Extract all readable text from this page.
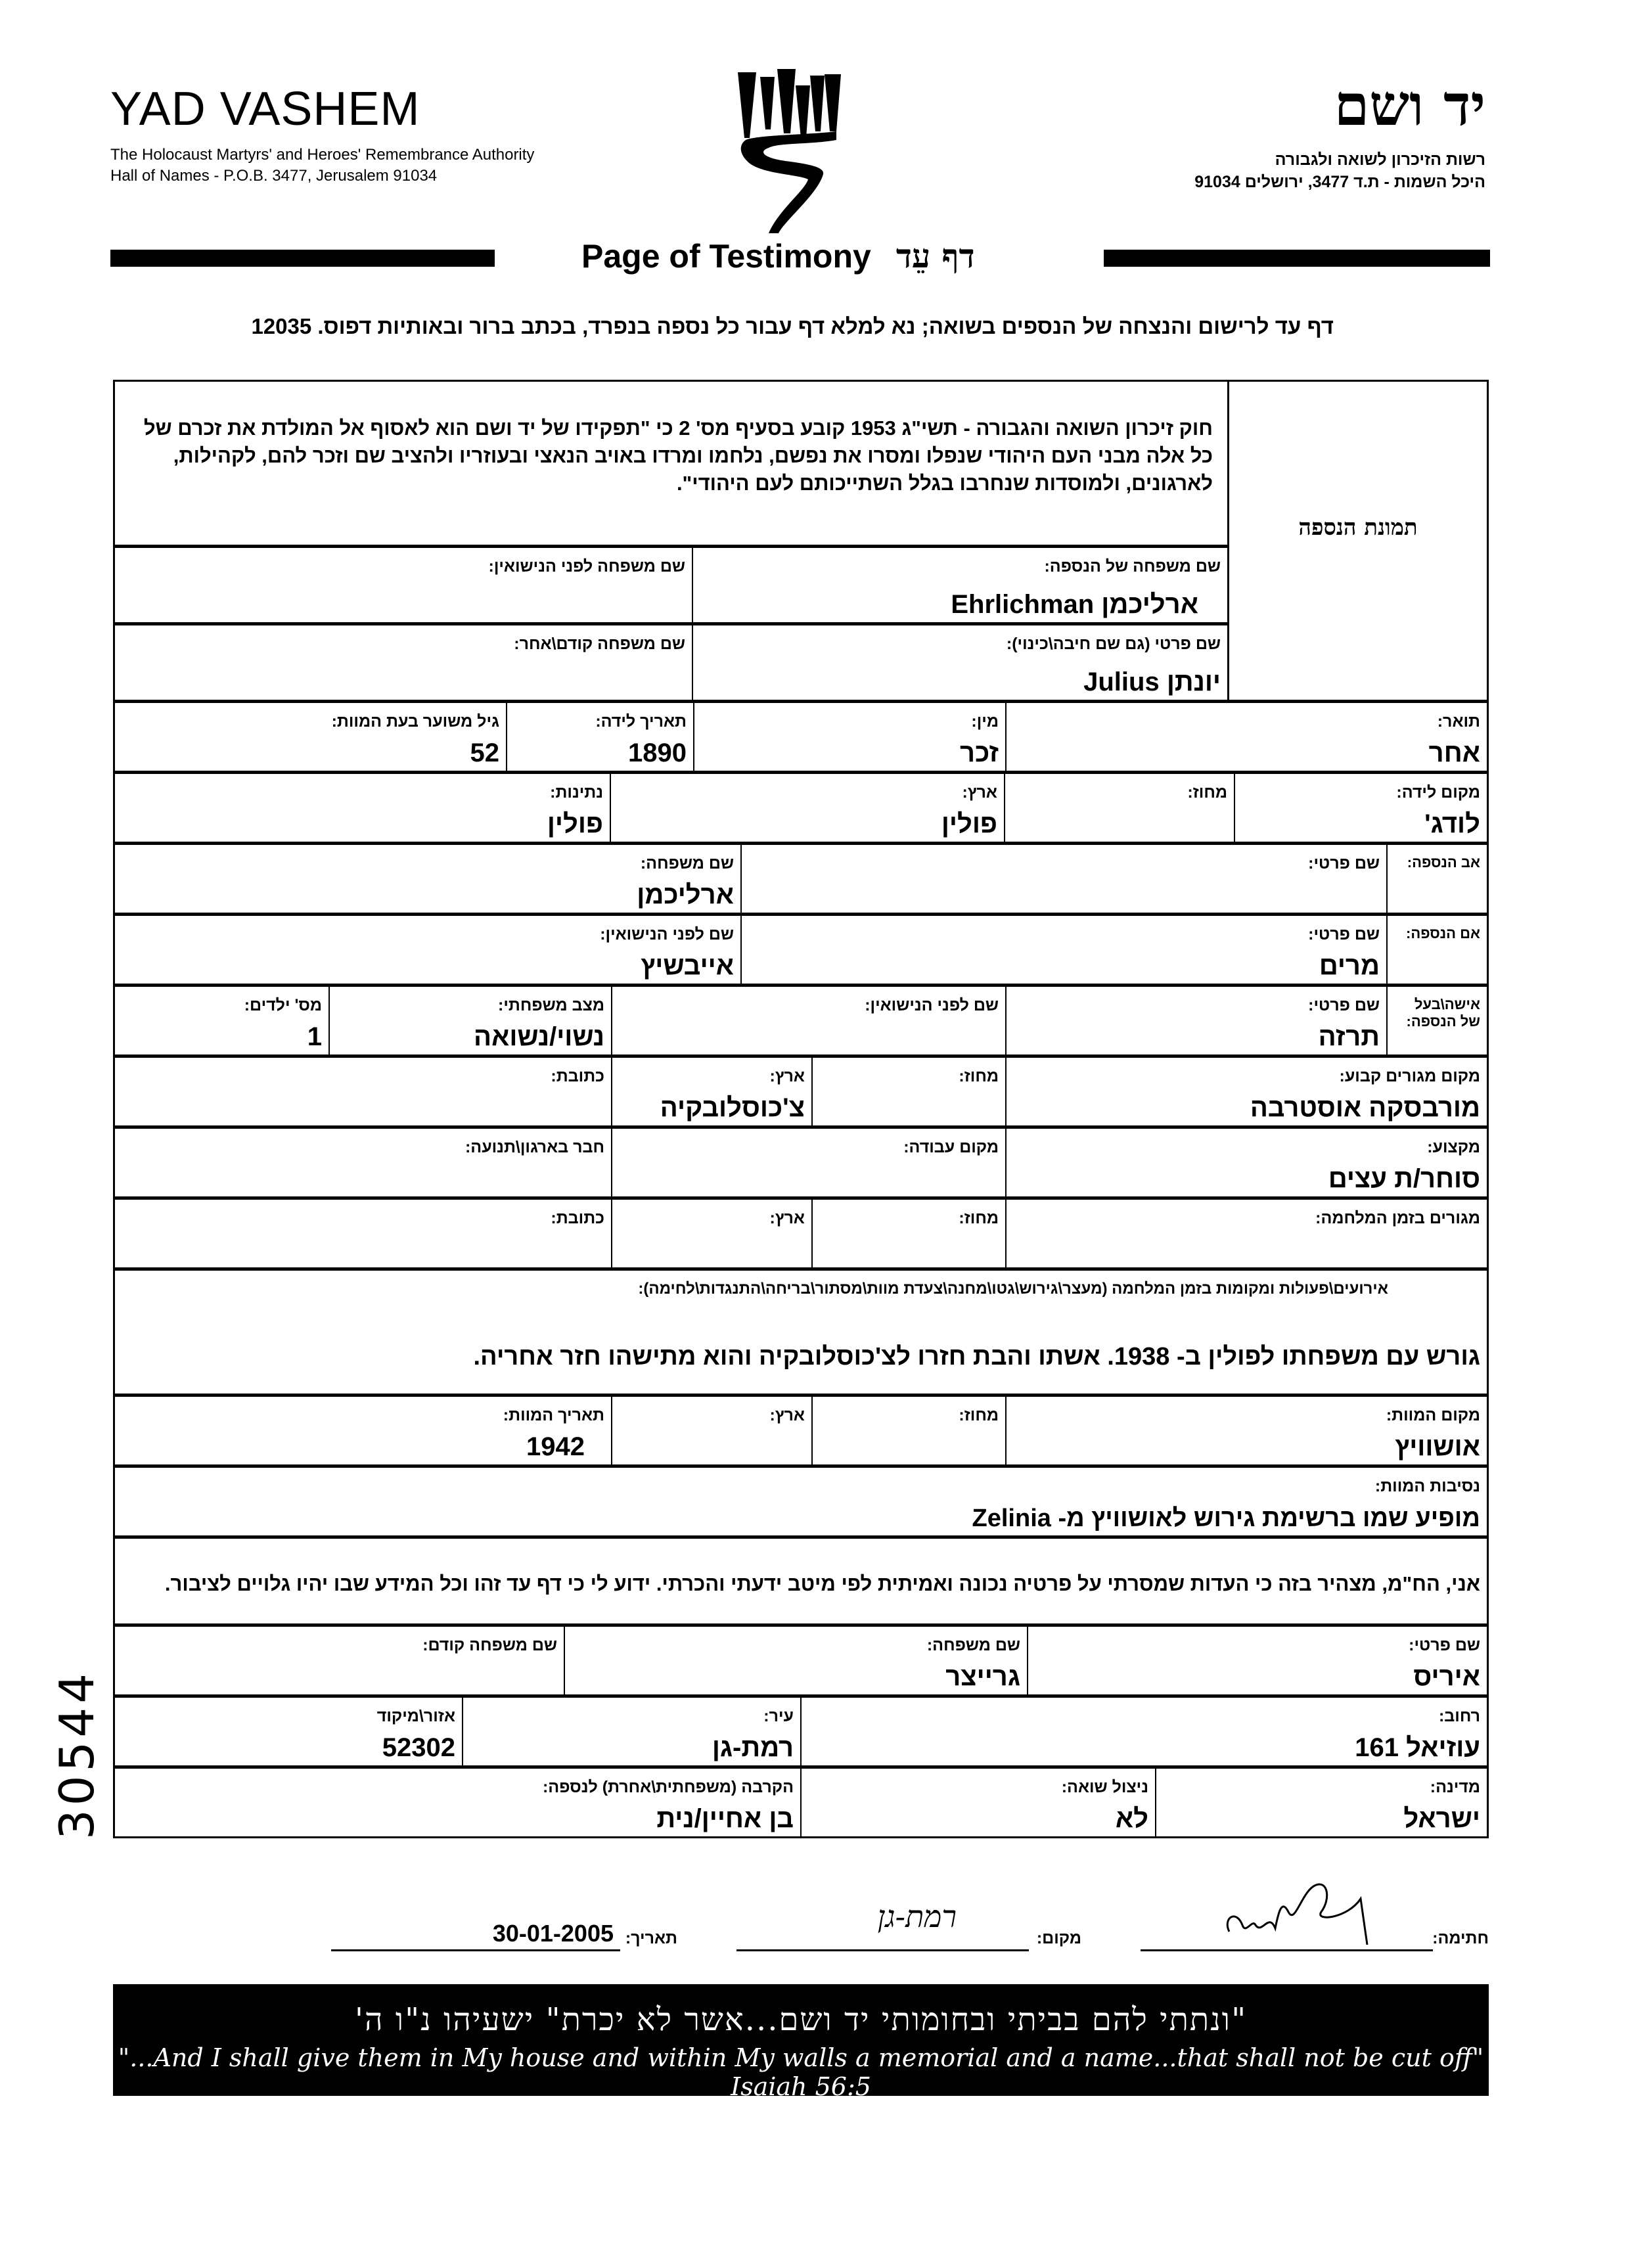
YAD VASHEM
The Holocaust Martyrs' and Heroes' Remembrance Authority
Hall of Names - P.O.B. 3477, Jerusalem 91034
יד ושם
רשות הזיכרון לשואה ולגבורה
היכל השמות - ת.ד 3477, ירושלים 91034
Page of Testimony דף עֵד
דף עד לרישום והנצחה של הנספים בשואה; נא למלא דף עבור כל נספה בנפרד, בכתב ברור ובאותיות דפוס. 12035
תמונת הנספה
חוק זיכרון השואה והגבורה - תשי"ג 1953 קובע בסעיף מס' 2 כי "תפקידו של יד ושם הוא לאסוף אל המולדת את זכרם של כל אלה מבני העם היהודי שנפלו ומסרו את נפשם, נלחמו ומרדו באויב הנאצי ובעוזריו ולהציב שם וזכר להם, לקהילות, לארגונים, ולמוסדות שנחרבו בגלל השתייכותם לעם היהודי".
שם משפחה של הנספה:
ארליכמן Ehrlichman
שם משפחה לפני הנישואין:
שם פרטי (גם שם חיבה\כינוי):
יונתן Julius
שם משפחה קודם\אחר:
תואר:
אחר
מין:
זכר
תאריך לידה:
1890
גיל משוער בעת המוות:
52
מקום לידה:
לודג'
מחוז:
ארץ:
פולין
נתינות:
פולין
אב הנספה:
שם פרטי:
שם משפחה:
ארליכמן
אם הנספה:
שם פרטי:
מרים
שם לפני הנישואין:
אייבשיץ
אישה\בעל של הנספה:
שם פרטי:
תרזה
שם לפני הנישואין:
מצב משפחתי:
נשוי/נשואה
מס' ילדים:
1
מקום מגורים קבוע:
מורבסקה אוסטרבה
מחוז:
ארץ:
צ'כוסלובקיה
כתובת:
מקצוע:
סוחר/ת עצים
מקום עבודה:
חבר בארגון\תנועה:
מגורים בזמן המלחמה:
מחוז:
ארץ:
כתובת:
אירועים\פעולות ומקומות בזמן המלחמה (מעצר\גירוש\גטו\מחנה\צעדת מוות\מסתור\בריחה\התנגדות\לחימה):
גורש עם משפחתו לפולין ב- 1938. אשתו והבת חזרו לצ'כוסלובקיה והוא מתישהו חזר אחריה.
מקום המוות:
אושוויץ
מחוז:
ארץ:
תאריך המוות:
1942
נסיבות המוות:
מופיע שמו ברשימת גירוש לאושוויץ מ- Zelinia
אני, הח"מ, מצהיר בזה כי העדות שמסרתי על פרטיה נכונה ואמיתית לפי מיטב ידעתי והכרתי. ידוע לי כי דף עד זהו וכל המידע שבו יהיו גלויים לציבור.
שם פרטי:
איריס
שם משפחה:
גרייצר
שם משפחה קודם:
רחוב:
עוזיאל 161
עיר:
רמת-גן
אזור\מיקוד
52302
מדינה:
ישראל
ניצול שואה:
לא
הקרבה (משפחתית\אחרת) לנספה:
בן אחיין/נית
חתימה:
מקום:
רמת-גן
תאריך:
30-01-2005
"ונתתי להם בביתי ובחומותי יד ושם...אשר לא יכרת" ישעיהו נ"ו ה'
"...And I shall give them in My house and within My walls a memorial and a name...that shall not be cut off" Isaiah 56:5
30544
